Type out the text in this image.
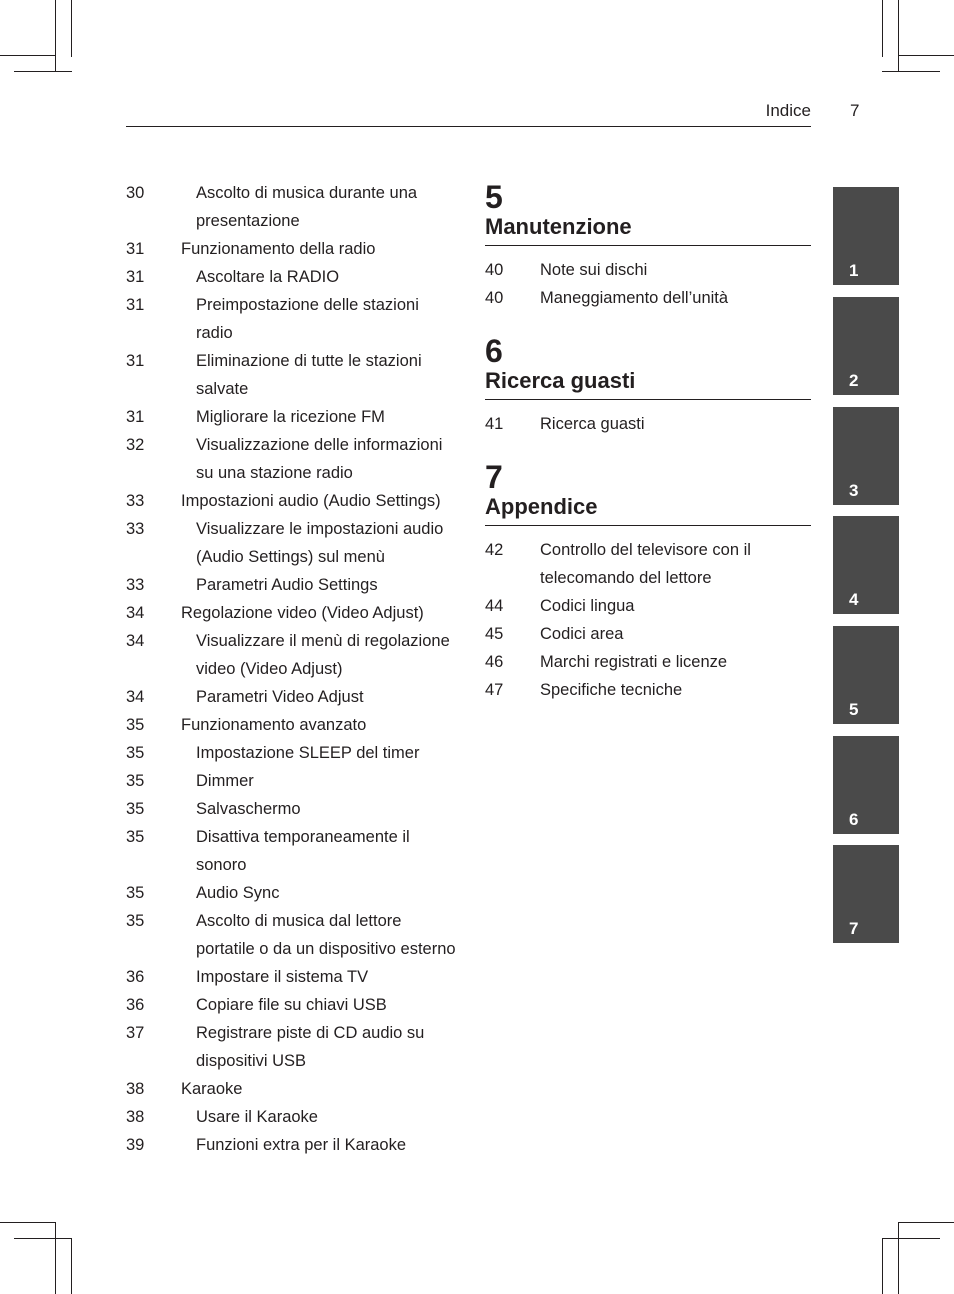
Indice 7
30	Ascolto di musica durante una presentazione
31 Funzionamento della radio
31	Ascoltare la RADIO
31	Preimpostazione delle stazioni radio
31	Eliminazione di tutte le stazioni salvate
31	Migliorare la ricezione FM
32	Visualizzazione delle informazioni su una stazione radio
33 Impostazioni audio (Audio Settings)
33	Visualizzare le impostazioni audio (Audio Settings) sul menù
33	Parametri Audio Settings
34 Regolazione video (Video Adjust)
34	Visualizzare il menù di regolazione video (Video Adjust)
34	Parametri Video Adjust
35 Funzionamento avanzato
35	Impostazione SLEEP del timer
35	Dimmer
35	Salvaschermo
35	Disattiva temporaneamente il sonoro
35	Audio Sync
35	Ascolto di musica dal lettore portatile o da un dispositivo esterno
36	Impostare il sistema TV
36	Copiare file su chiavi USB
37	Registrare piste di CD audio su dispositivi USB
38 Karaoke
38	Usare il Karaoke
39	Funzioni extra per il Karaoke
5
Manutenzione
40 Note sui dischi
40 Maneggiamento dell’unità
6
Ricerca guasti
41 Ricerca guasti
7
Appendice
42 Controllo del televisore con il telecomando del lettore
44 Codici lingua
45 Codici area
46 Marchi registrati e licenze
47 Specifiche tecniche
1
2
3
4
5
6
7
